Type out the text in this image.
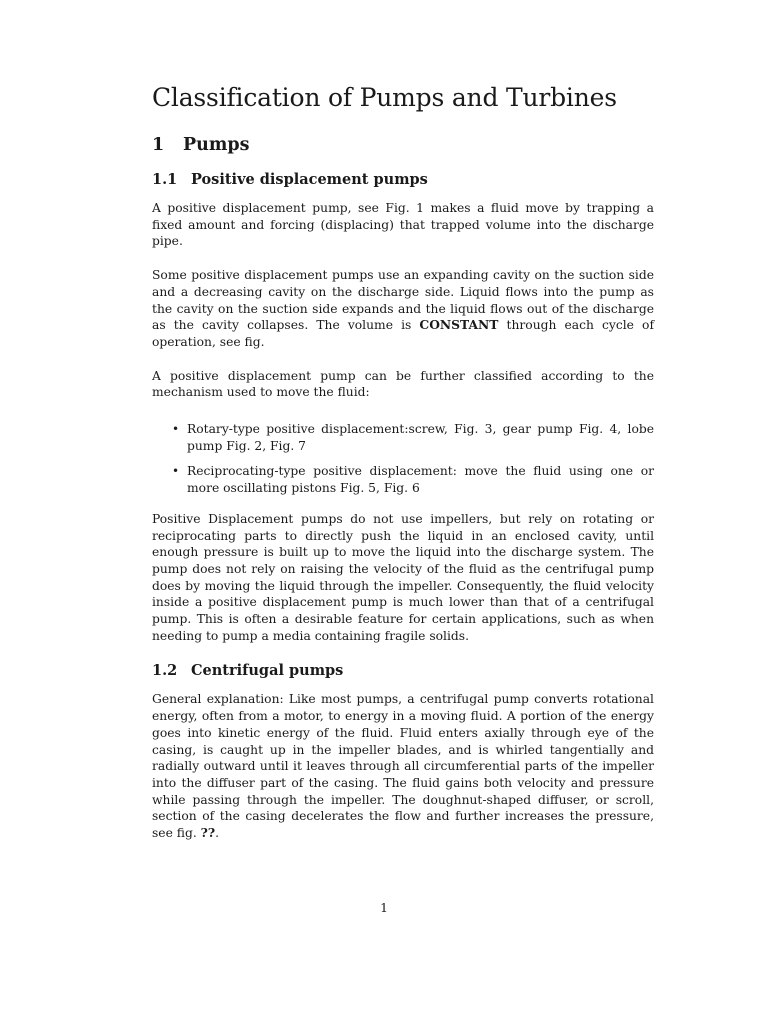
Classification of Pumps and Turbines
1 Pumps
1.1 Positive displacement pumps

A positive displacement pump, see Fig. 1 makes a fluid move by trapping a fixed amount and forcing (displacing) that trapped volume into the discharge pipe.

Some positive displacement pumps use an expanding cavity on the suction side and a decreasing cavity on the discharge side. Liquid flows into the pump as the cavity on the suction side expands and the liquid flows out of the discharge as the cavity collapses. The volume is CONSTANT through each cycle of operation, see fig.

A positive displacement pump can be further classified according to the mechanism used to move the fluid:

• Rotary-type positive displacement:screw, Fig. 3, gear pump Fig. 4, lobe pump Fig. 2, Fig. 7
• Reciprocating-type positive displacement: move the fluid using one or more oscillating pistons Fig. 5, Fig. 6

Positive Displacement pumps do not use impellers, but rely on rotating or reciprocating parts to directly push the liquid in an enclosed cavity, until enough pressure is built up to move the liquid into the discharge system. The pump does not rely on raising the velocity of the fluid as the centrifugal pump does by moving the liquid through the impeller. Consequently, the fluid velocity inside a positive displacement pump is much lower than that of a centrifugal pump. This is often a desirable feature for certain applications, such as when needing to pump a media containing fragile solids.

1.2 Centrifugal pumps

General explanation: Like most pumps, a centrifugal pump converts rotational energy, often from a motor, to energy in a moving fluid. A portion of the energy goes into kinetic energy of the fluid. Fluid enters axially through eye of the casing, is caught up in the impeller blades, and is whirled tangentially and radially outward until it leaves through all circumferential parts of the impeller into the diffuser part of the casing. The fluid gains both velocity and pressure while passing through the impeller. The doughnut-shaped diffuser, or scroll, section of the casing decelerates the flow and further increases the pressure, see fig. ??.

1
